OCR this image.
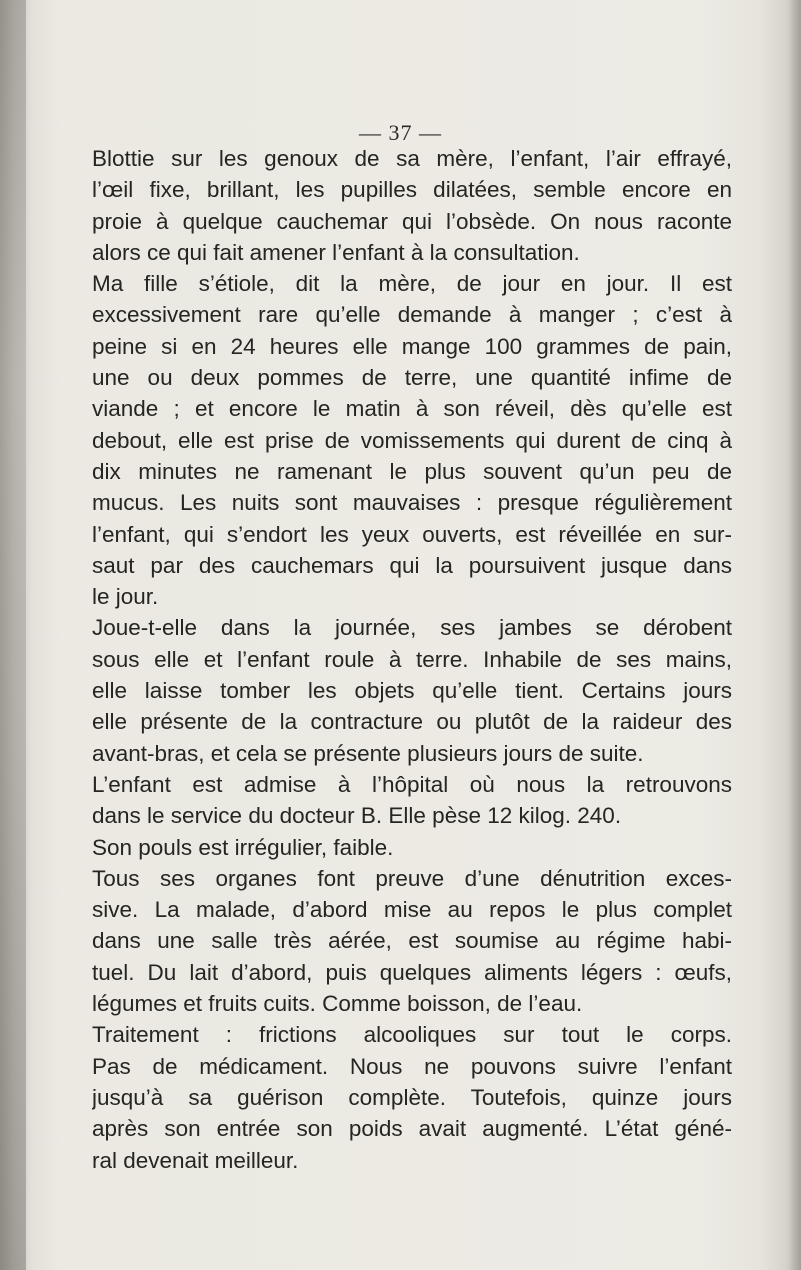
— 37 —
Blottie sur les genoux de sa mère, l’enfant, l’air effrayé,
l’œil fixe, brillant, les pupilles dilatées, semble encore en
proie à quelque cauchemar qui l’obsède. On nous raconte
alors ce qui fait amener l’enfant à la consultation.
Ma fille s’étiole, dit la mère, de jour en jour. Il est
excessivement rare qu’elle demande à manger ; c’est à
peine si en 24 heures elle mange 100 grammes de pain,
une ou deux pommes de terre, une quantité infime de
viande ; et encore le matin à son réveil, dès qu’elle est
debout, elle est prise de vomissements qui durent de cinq à
dix minutes ne ramenant le plus souvent qu’un peu de
mucus. Les nuits sont mauvaises : presque régulièrement
l’enfant, qui s’endort les yeux ouverts, est réveillée en sur-
saut par des cauchemars qui la poursuivent jusque dans
le jour.
Joue-t-elle dans la journée, ses jambes se dérobent
sous elle et l’enfant roule à terre. Inhabile de ses mains,
elle laisse tomber les objets qu’elle tient. Certains jours
elle présente de la contracture ou plutôt de la raideur des
avant-bras, et cela se présente plusieurs jours de suite.
L’enfant est admise à l’hôpital où nous la retrouvons
dans le service du docteur B. Elle pèse 12 kilog. 240.
Son pouls est irrégulier, faible.
Tous ses organes font preuve d’une dénutrition exces-
sive. La malade, d’abord mise au repos le plus complet
dans une salle très aérée, est soumise au régime habi-
tuel. Du lait d’abord, puis quelques aliments légers : œufs,
légumes et fruits cuits. Comme boisson, de l’eau.
Traitement : frictions alcooliques sur tout le corps.
Pas de médicament. Nous ne pouvons suivre l’enfant
jusqu’à sa guérison complète. Toutefois, quinze jours
après son entrée son poids avait augmenté. L’état géné-
ral devenait meilleur.
